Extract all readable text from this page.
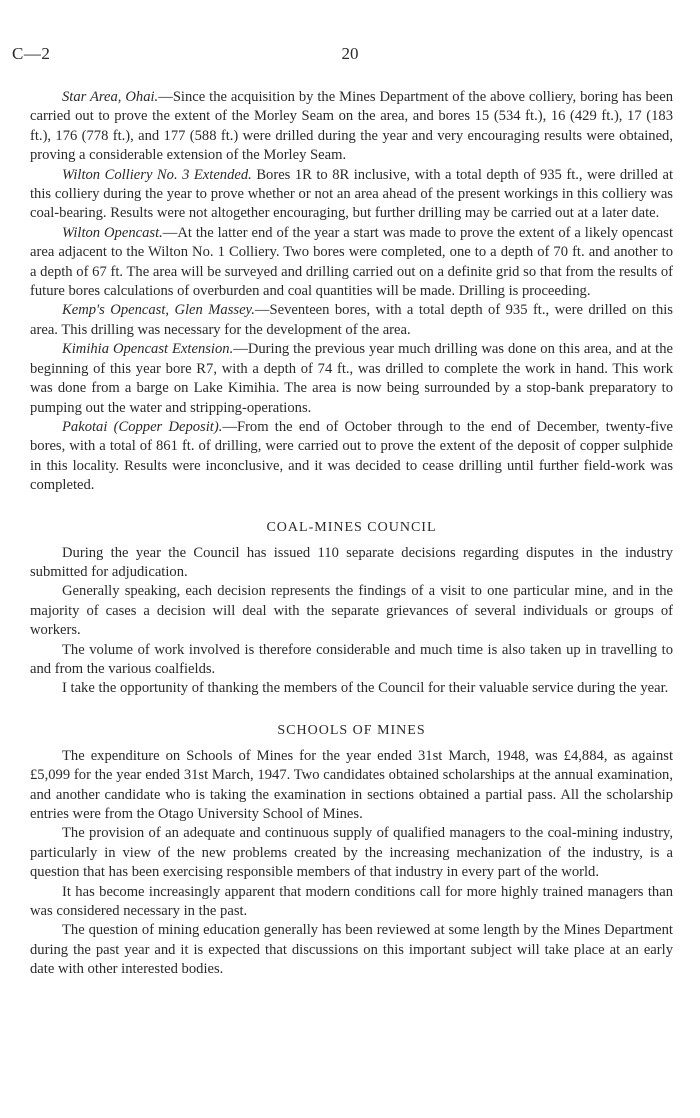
C—2	20

Star Area, Ohai.—Since the acquisition by the Mines Department of the above colliery, boring has been carried out to prove the extent of the Morley Seam on the area, and bores 15 (534 ft.), 16 (429 ft.), 17 (183 ft.), 176 (778 ft.), and 177 (588 ft.) were drilled during the year and very encouraging results were obtained, proving a considerable extension of the Morley Seam.

Wilton Colliery No. 3 Extended. Bores 1R to 8R inclusive, with a total depth of 935 ft., were drilled at this colliery during the year to prove whether or not an area ahead of the present workings in this colliery was coal-bearing. Results were not altogether encouraging, but further drilling may be carried out at a later date.

Wilton Opencast.—At the latter end of the year a start was made to prove the extent of a likely opencast area adjacent to the Wilton No. 1 Colliery. Two bores were completed, one to a depth of 70 ft. and another to a depth of 67 ft. The area will be surveyed and drilling carried out on a definite grid so that from the results of future bores calculations of overburden and coal quantities will be made. Drilling is proceeding.

Kemp's Opencast, Glen Massey.—Seventeen bores, with a total depth of 935 ft., were drilled on this area. This drilling was necessary for the development of the area.

Kimihia Opencast Extension.—During the previous year much drilling was done on this area, and at the beginning of this year bore R7, with a depth of 74 ft., was drilled to complete the work in hand. This work was done from a barge on Lake Kimihia. The area is now being surrounded by a stop-bank preparatory to pumping out the water and stripping-operations.

Pakotai (Copper Deposit).—From the end of October through to the end of December, twenty-five bores, with a total of 861 ft. of drilling, were carried out to prove the extent of the deposit of copper sulphide in this locality. Results were inconclusive, and it was decided to cease drilling until further field-work was completed.

COAL-MINES COUNCIL

During the year the Council has issued 110 separate decisions regarding disputes in the industry submitted for adjudication.

Generally speaking, each decision represents the findings of a visit to one particular mine, and in the majority of cases a decision will deal with the separate grievances of several individuals or groups of workers.

The volume of work involved is therefore considerable and much time is also taken up in travelling to and from the various coalfields.

I take the opportunity of thanking the members of the Council for their valuable service during the year.

SCHOOLS OF MINES

The expenditure on Schools of Mines for the year ended 31st March, 1948, was £4,884, as against £5,099 for the year ended 31st March, 1947. Two candidates obtained scholarships at the annual examination, and another candidate who is taking the examination in sections obtained a partial pass. All the scholarship entries were from the Otago University School of Mines.

The provision of an adequate and continuous supply of qualified managers to the coal-mining industry, particularly in view of the new problems created by the increasing mechanization of the industry, is a question that has been exercising responsible members of that industry in every part of the world.

It has become increasingly apparent that modern conditions call for more highly trained managers than was considered necessary in the past.

The question of mining education generally has been reviewed at some length by the Mines Department during the past year and it is expected that discussions on this important subject will take place at an early date with other interested bodies.
